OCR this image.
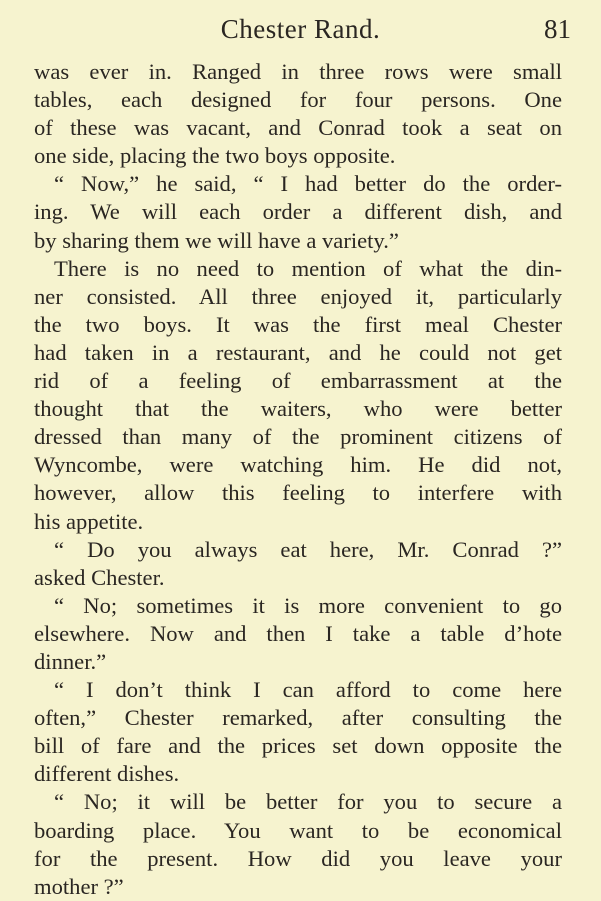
Chester Rand.	81
was ever in. Ranged in three rows were small
tables, each designed for four persons. One
of these was vacant, and Conrad took a seat on
one side, placing the two boys opposite.
“ Now,” he said, “ I had better do the order-
ing. We will each order a different dish, and
by sharing them we will have a variety.”
There is no need to mention of what the din-
ner consisted. All three enjoyed it, particularly
the two boys. It was the first meal Chester
had taken in a restaurant, and he could not get
rid of a feeling of embarrassment at the
thought that the waiters, who were better
dressed than many of the prominent citizens of
Wyncombe, were watching him. He did not,
however, allow this feeling to interfere with
his appetite.
“ Do you always eat here, Mr. Conrad ?”
asked Chester.
“ No; sometimes it is more convenient to go
elsewhere. Now and then I take a table d’hote
dinner.”
“ I don’t think I can afford to come here
often,” Chester remarked, after consulting the
bill of fare and the prices set down opposite the
different dishes.
“ No; it will be better for you to secure a
boarding place. You want to be economical
for the present. How did you leave your
mother ?”
